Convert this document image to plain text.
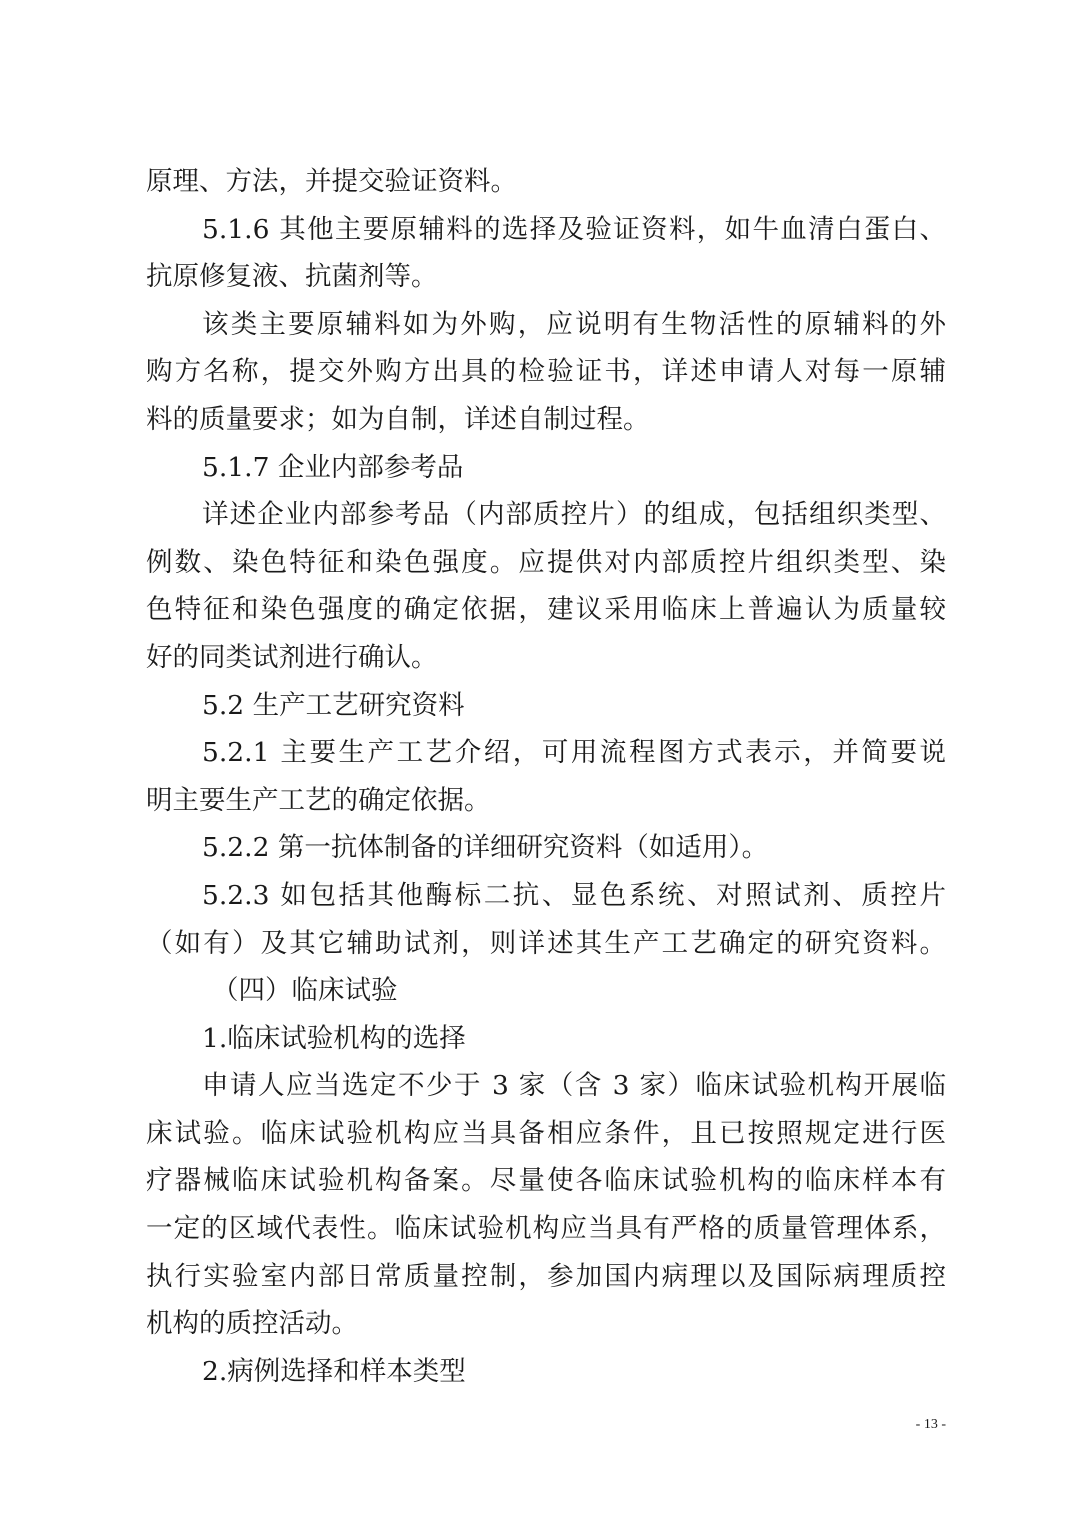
原理、方法，并提交验证资料。
5.1.6 其他主要原辅料的选择及验证资料，如牛血清白蛋白、
抗原修复液、抗菌剂等。
该类主要原辅料如为外购，应说明有生物活性的原辅料的外
购方名称，提交外购方出具的检验证书，详述申请人对每一原辅
料的质量要求；如为自制，详述自制过程。
5.1.7 企业内部参考品
详述企业内部参考品（内部质控片）的组成，包括组织类型、
例数、染色特征和染色强度。应提供对内部质控片组织类型、染
色特征和染色强度的确定依据，建议采用临床上普遍认为质量较
好的同类试剂进行确认。
5.2 生产工艺研究资料
5.2.1 主要生产工艺介绍，可用流程图方式表示，并简要说
明主要生产工艺的确定依据。
5.2.2 第一抗体制备的详细研究资料（如适用）。
5.2.3 如包括其他酶标二抗、显色系统、对照试剂、质控片
（如有）及其它辅助试剂，则详述其生产工艺确定的研究资料。
（四）临床试验
1.临床试验机构的选择
申请人应当选定不少于 3 家（含 3 家）临床试验机构开展临
床试验。临床试验机构应当具备相应条件，且已按照规定进行医
疗器械临床试验机构备案。尽量使各临床试验机构的临床样本有
一定的区域代表性。临床试验机构应当具有严格的质量管理体系，
执行实验室内部日常质量控制，参加国内病理以及国际病理质控
机构的质控活动。
2.病例选择和样本类型
- 13 -
